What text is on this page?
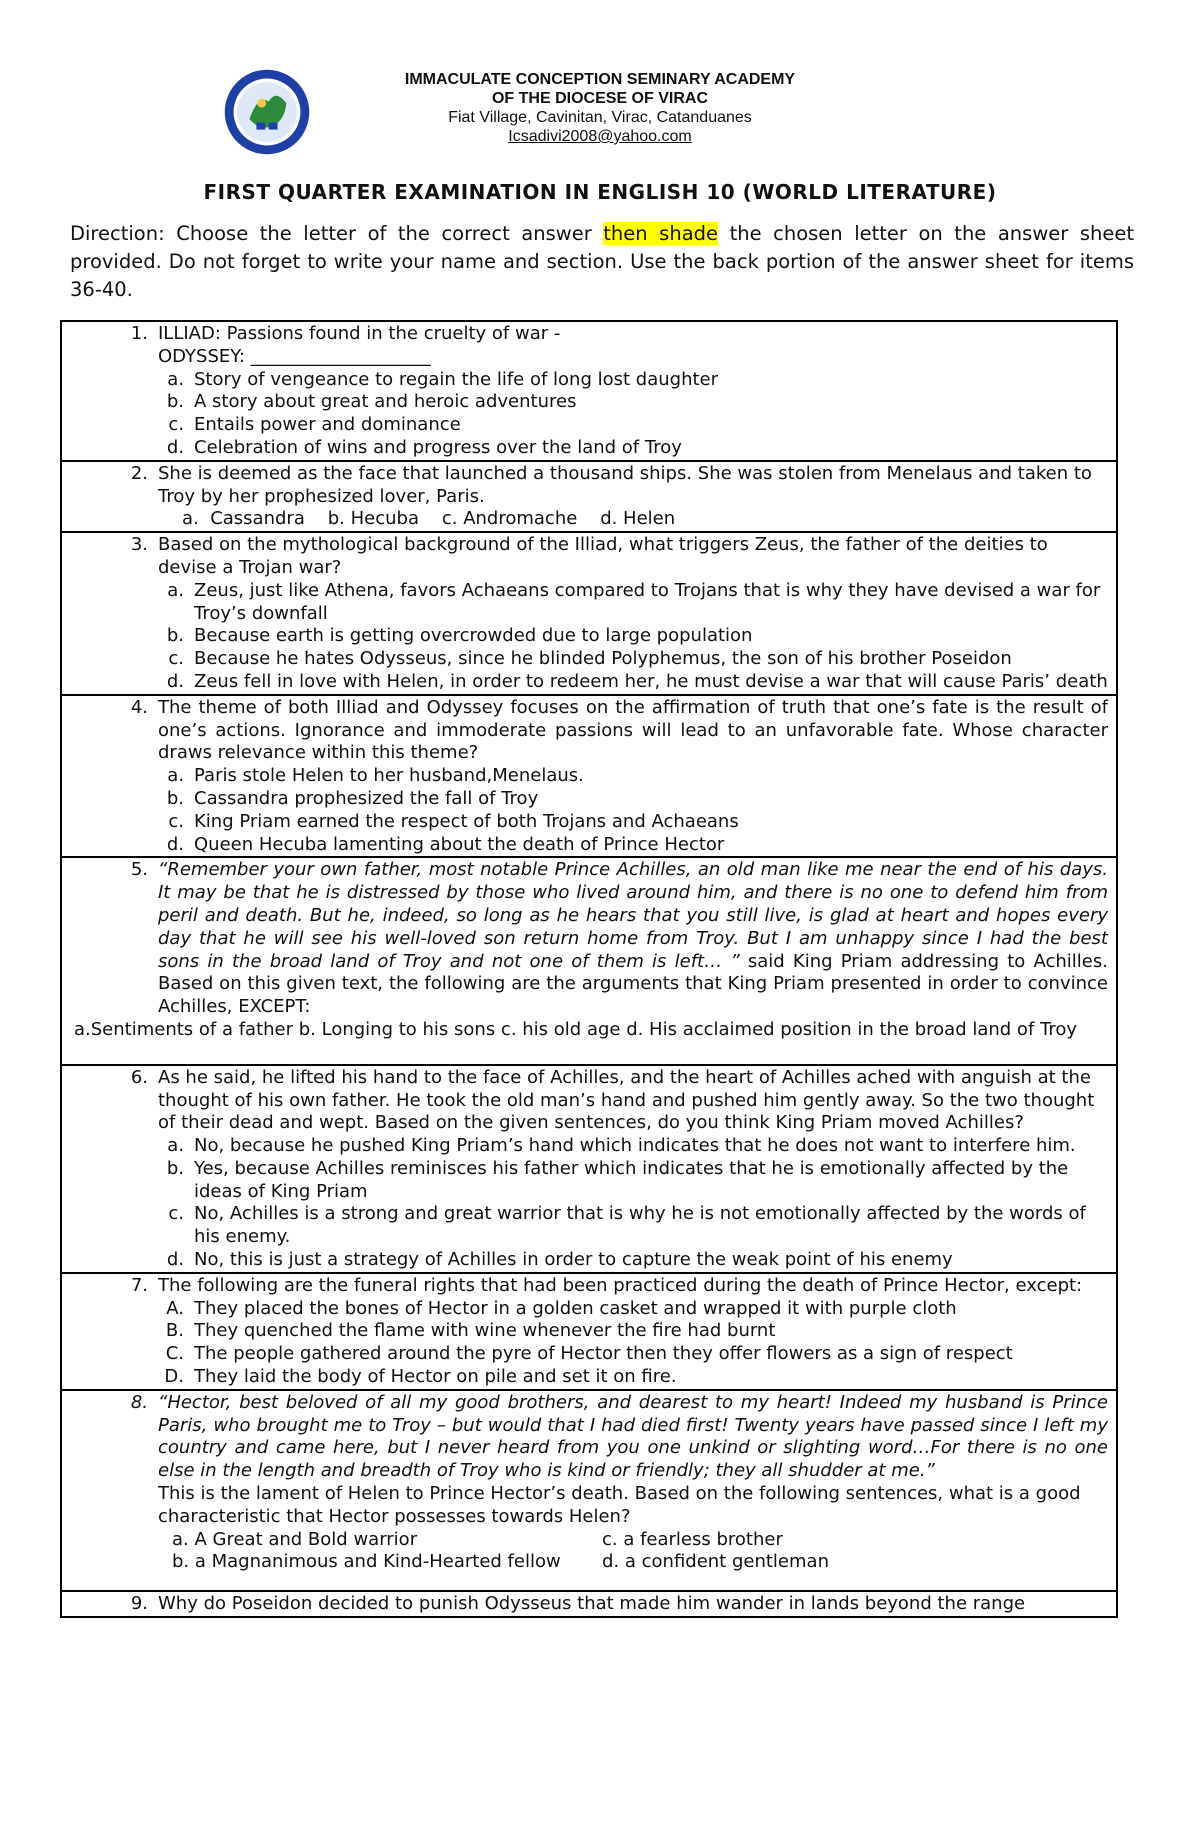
IMMACULATE CONCEPTION SEMINARY ACADEMY
OF THE DIOCESE OF VIRAC
Fiat Village, Cavinitan, Virac, Catanduanes
Icsadivi2008@yahoo.com
FIRST QUARTER EXAMINATION IN ENGLISH 10 (WORLD LITERATURE)
Direction: Choose the letter of the correct answer then shade the chosen letter on the answer sheet provided. Do not forget to write your name and section. Use the back portion of the answer sheet for items 36-40.
1. ILLIAD: Passions found in the cruelty of war -
ODYSSEY: ____________________
a. Story of vengeance to regain the life of long lost daughter
b. A story about great and heroic adventures
c. Entails power and dominance
d. Celebration of wins and progress over the land of Troy
2. She is deemed as the face that launched a thousand ships. She was stolen from Menelaus and taken to Troy by her prophesized lover, Paris.
a.  Cassandra    b. Hecuba    c. Andromache    d. Helen
3. Based on the mythological background of the Illiad, what triggers Zeus, the father of the deities to devise a Trojan war?
a. Zeus, just like Athena, favors Achaeans compared to Trojans that is why they have devised a war for Troy’s downfall
b. Because earth is getting overcrowded due to large population
c. Because he hates Odysseus, since he blinded Polyphemus, the son of his brother Poseidon
d. Zeus fell in love with Helen, in order to redeem her, he must devise a war that will cause Paris’ death
4. The theme of both Illiad and Odyssey focuses on the affirmation of truth that one’s fate is the result of one’s actions. Ignorance and immoderate passions will lead to an unfavorable fate. Whose character draws relevance within this theme?
a. Paris stole Helen to her husband,Menelaus.
b. Cassandra prophesized the fall of Troy
c. King Priam earned the respect of both Trojans and Achaeans
d. Queen Hecuba lamenting about the death of Prince Hector
5. “Remember your own father, most notable Prince Achilles, an old man like me near the end of his days. It may be that he is distressed by those who lived around him, and there is no one to defend him from peril and death. But he, indeed, so long as he hears that you still live, is glad at heart and hopes every day that he will see his well-loved son return home from Troy. But I am unhappy since I had the best sons in the broad land of Troy and not one of them is left… ” said King Priam addressing to Achilles. Based on this given text, the following are the arguments that King Priam presented in order to convince Achilles, EXCEPT:
a.Sentiments of a father b. Longing to his sons c. his old age d. His acclaimed position in the broad land of Troy
6. As he said, he lifted his hand to the face of Achilles, and the heart of Achilles ached with anguish at the thought of his own father. He took the old man’s hand and pushed him gently away. So the two thought of their dead and wept. Based on the given sentences, do you think King Priam moved Achilles?
a. No, because he pushed King Priam’s hand which indicates that he does not want to interfere him.
b. Yes, because Achilles reminisces his father which indicates that he is emotionally affected by the ideas of King Priam
c. No, Achilles is a strong and great warrior that is why he is not emotionally affected by the words of his enemy.
d. No, this is just a strategy of Achilles in order to capture the weak point of his enemy
7. The following are the funeral rights that had been practiced during the death of Prince Hector, except:
A. They placed the bones of Hector in a golden casket and wrapped it with purple cloth
B. They quenched the flame with wine whenever the fire had burnt
C. The people gathered around the pyre of Hector then they offer flowers as a sign of respect
D. They laid the body of Hector on pile and set it on fire.
8. “Hector, best beloved of all my good brothers, and dearest to my heart! Indeed my husband is Prince Paris, who brought me to Troy – but would that I had died first! Twenty years have passed since I left my country and came here, but I never heard from you one unkind or slighting word…For there is no one else in the length and breadth of Troy who is kind or friendly; they all shudder at me.”
This is the lament of Helen to Prince Hector’s death. Based on the following sentences, what is a good characteristic that Hector possesses towards Helen?
a. A Great and Bold warrior	c. a fearless brother
b. a Magnanimous and Kind-Hearted fellow	d. a confident gentleman
9. Why do Poseidon decided to punish Odysseus that made him wander in lands beyond the range
